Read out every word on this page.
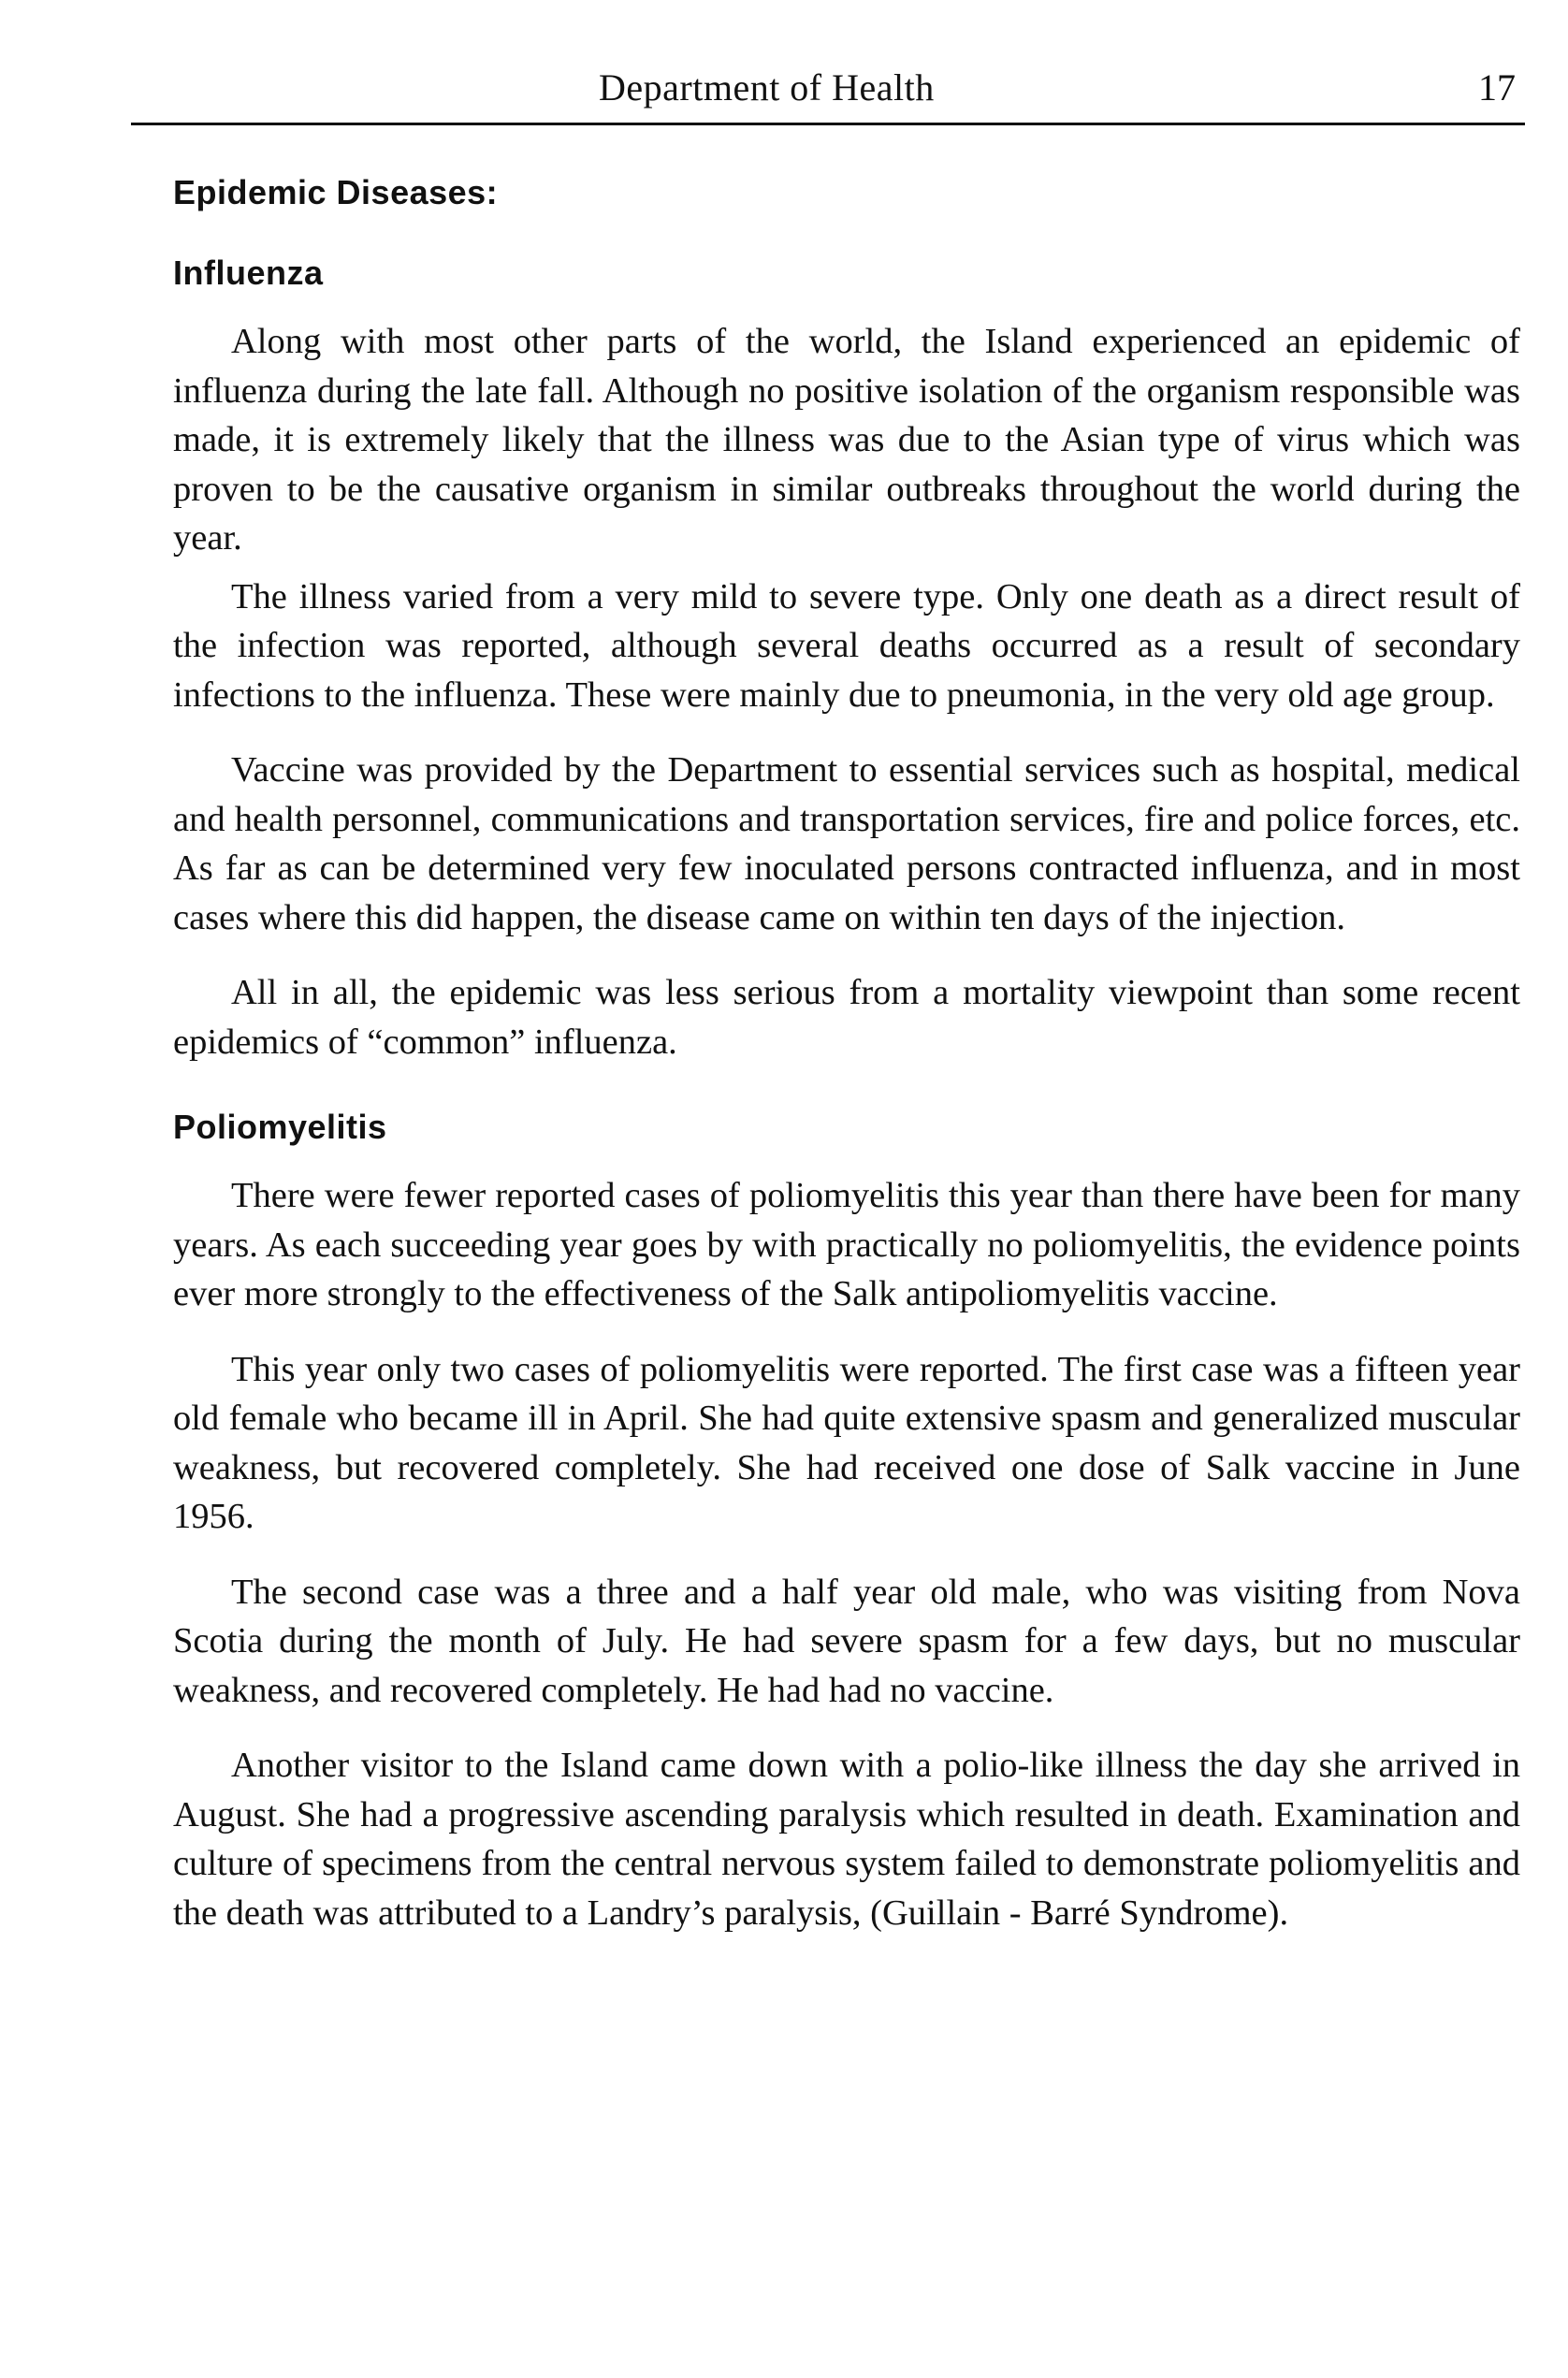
Department of Health	17
Epidemic Diseases:
Influenza

Along with most other parts of the world, the Island experienced an epidemic of influenza during the late fall. Although no positive isolation of the organism responsible was made, it is extremely likely that the illness was due to the Asian type of virus which was proven to be the causative organism in similar outbreaks throughout the world during the year.

The illness varied from a very mild to severe type. Only one death as a direct result of the infection was reported, although several deaths occurred as a result of secondary infections to the influenza. These were mainly due to pneumonia, in the very old age group.

Vaccine was provided by the Department to essential services such as hospital, medical and health personnel, communications and transportation services, fire and police forces, etc. As far as can be determined very few inoculated persons contracted influenza, and in most cases where this did happen, the disease came on within ten days of the injection.

All in all, the epidemic was less serious from a mortality viewpoint than some recent epidemics of “common” influenza.

Poliomyelitis

There were fewer reported cases of poliomyelitis this year than there have been for many years. As each succeeding year goes by with practically no poliomyelitis, the evidence points ever more strongly to the effectiveness of the Salk antipoliomyelitis vaccine.

This year only two cases of poliomyelitis were reported. The first case was a fifteen year old female who became ill in April. She had quite extensive spasm and generalized muscular weakness, but recovered completely. She had received one dose of Salk vaccine in June 1956.

The second case was a three and a half year old male, who was visiting from Nova Scotia during the month of July. He had severe spasm for a few days, but no muscular weakness, and recovered completely. He had had no vaccine.

Another visitor to the Island came down with a polio-like illness the day she arrived in August. She had a progressive ascending paralysis which resulted in death. Examination and culture of specimens from the central nervous system failed to demonstrate poliomyelitis and the death was attributed to a Landry’s paralysis, (Guillain - Barré Syndrome).
